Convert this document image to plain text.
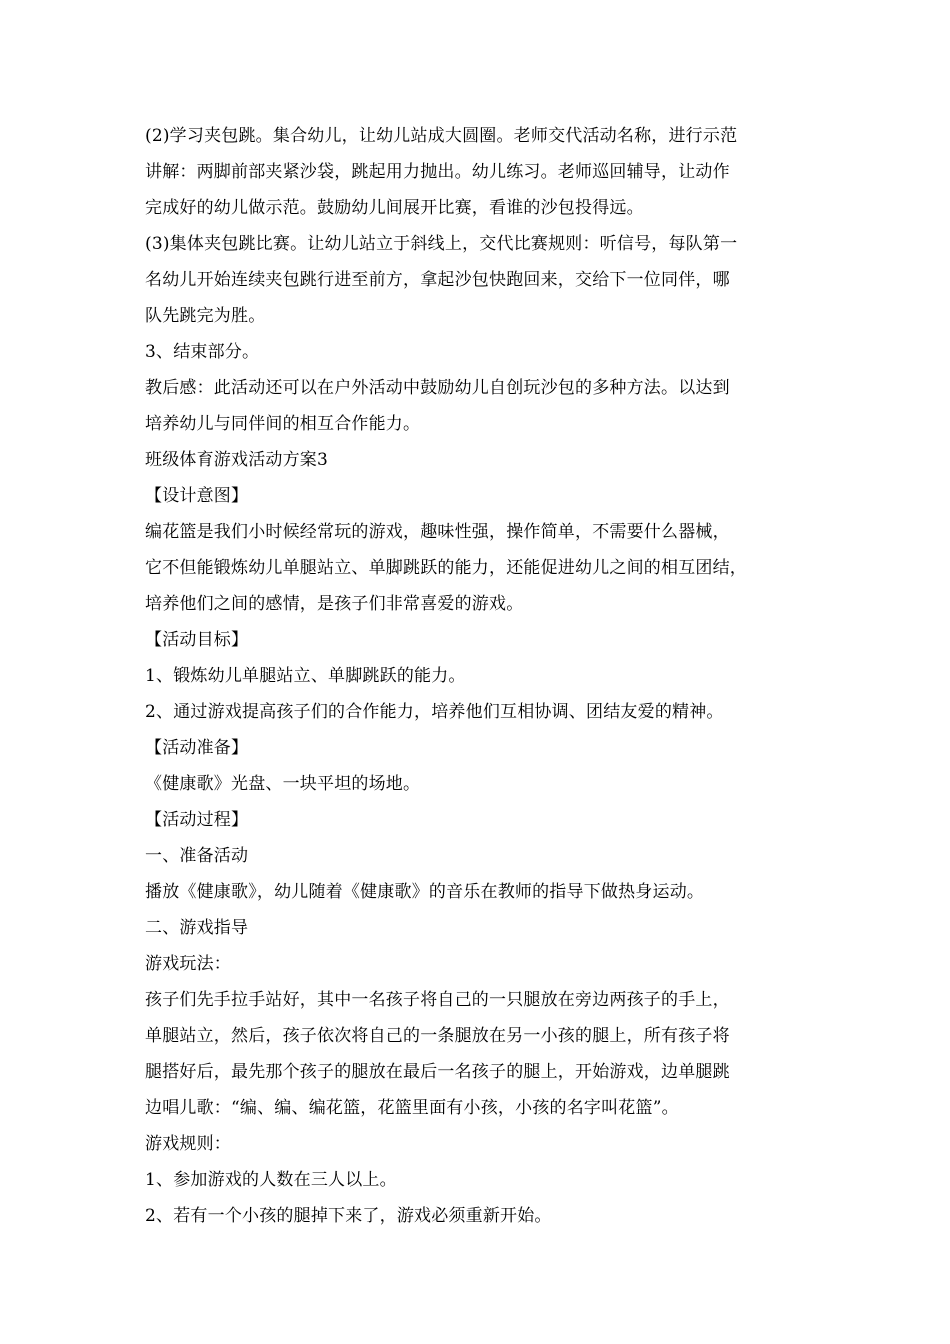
(2)学习夹包跳。集合幼儿，让幼儿站成大圆圈。老师交代活动名称，进行示范
讲解：两脚前部夹紧沙袋，跳起用力抛出。幼儿练习。老师巡回辅导，让动作
完成好的幼儿做示范。鼓励幼儿间展开比赛，看谁的沙包投得远。
(3)集体夹包跳比赛。让幼儿站立于斜线上，交代比赛规则：听信号，每队第一
名幼儿开始连续夹包跳行进至前方，拿起沙包快跑回来，交给下一位同伴，哪
队先跳完为胜。
3、结束部分。
教后感：此活动还可以在户外活动中鼓励幼儿自创玩沙包的多种方法。以达到
培养幼儿与同伴间的相互合作能力。
班级体育游戏活动方案3
【设计意图】
编花篮是我们小时候经常玩的游戏，趣味性强，操作简单，不需要什么器械，
它不但能锻炼幼儿单腿站立、单脚跳跃的能力，还能促进幼儿之间的相互团结，
培养他们之间的感情，是孩子们非常喜爱的游戏。
【活动目标】
1、锻炼幼儿单腿站立、单脚跳跃的能力。
2、通过游戏提高孩子们的合作能力，培养他们互相协调、团结友爱的精神。
【活动准备】
《健康歌》光盘、一块平坦的场地。
【活动过程】
一、准备活动
播放《健康歌》，幼儿随着《健康歌》的音乐在教师的指导下做热身运动。
二、游戏指导
游戏玩法：
孩子们先手拉手站好，其中一名孩子将自己的一只腿放在旁边两孩子的手上，
单腿站立，然后，孩子依次将自己的一条腿放在另一小孩的腿上，所有孩子将
腿搭好后，最先那个孩子的腿放在最后一名孩子的腿上，开始游戏，边单腿跳
边唱儿歌：“编、编、编花篮，花篮里面有小孩，小孩的名字叫花篮”。
游戏规则：
1、参加游戏的人数在三人以上。
2、若有一个小孩的腿掉下来了，游戏必须重新开始。
